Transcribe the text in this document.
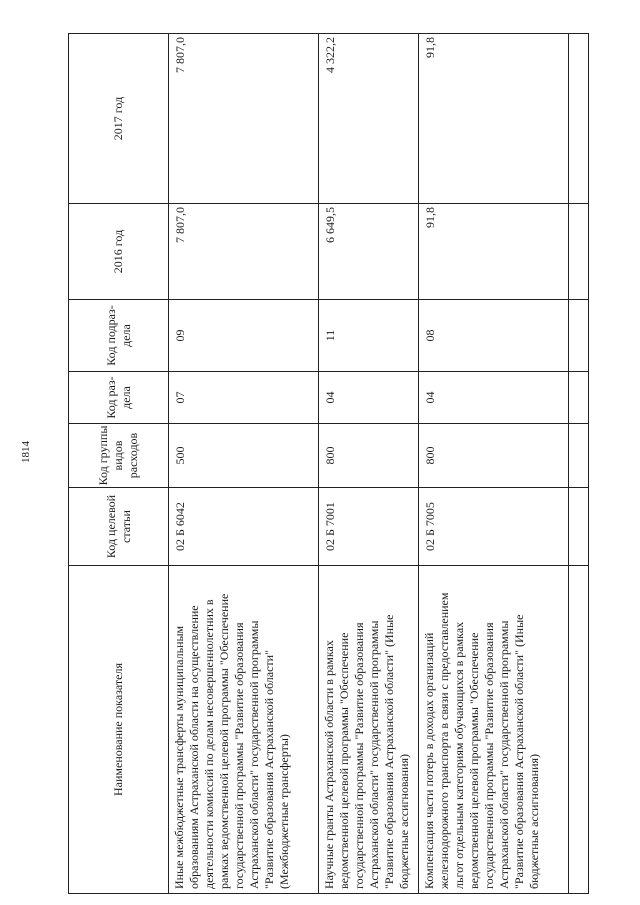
1814
Наименование показателя	Код целевой статьи	Код группы видов расходов	Код раз-дела	Код подраз-дела	2016 год	2017 год
Иные межбюджетные трансферты муниципальным образованиям Астраханской области на осуществление деятельности комиссий по делам несовершеннолетних в рамках ведомственной целевой программы "Обеспечение государственной программы "Развитие образования Астраханской области" государственной программы "Развитие образования Астраханской области" (Межбюджетные трансферты)	02 Б 6042	500	07	09	7 807,0	7 807,0
Научные гранты Астраханской области в рамках ведомственной целевой программы "Обеспечение государственной программы "Развитие образования Астраханской области" государственной программы "Развитие образования Астраханской области" (Иные бюджетные ассигнования)	02 Б 7001	800	04	11	6 649,5	4 322,2
Компенсация части потерь в доходах организаций железнодорожного транспорта в связи с предоставлением льгот отдельным категориям обучающихся в рамках ведомственной целевой программы "Обеспечение государственной программы "Развитие образования Астраханской области" государственной программы "Развитие образования Астраханской области" (Иные бюджетные ассигнования)	02 Б 7005	800	04	08	91,8	91,8
